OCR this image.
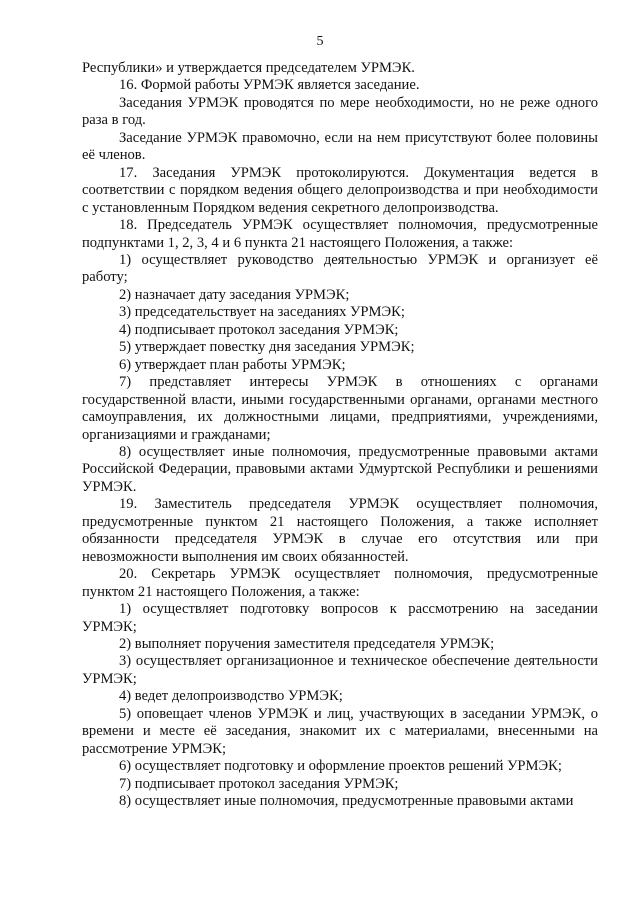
5

Республики» и утверждается председателем УРМЭК.

16. Формой работы УРМЭК является заседание.

Заседания УРМЭК проводятся по мере необходимости, но не реже одного раза в год.

Заседание УРМЭК правомочно, если на нем присутствуют более половины её членов.

17. Заседания УРМЭК протоколируются. Документация ведется в соответствии с порядком ведения общего делопроизводства и при необходимости с установленным Порядком ведения секретного делопроизводства.

18. Председатель УРМЭК осуществляет полномочия, предусмотренные подпунктами 1, 2, 3, 4 и 6 пункта 21 настоящего Положения, а также:

1) осуществляет руководство деятельностью УРМЭК и организует её работу;

2) назначает дату заседания УРМЭК;

3) председательствует на заседаниях УРМЭК;

4) подписывает протокол заседания УРМЭК;

5) утверждает повестку дня заседания УРМЭК;

6) утверждает план работы УРМЭК;

7) представляет интересы УРМЭК в отношениях с органами государственной власти, иными государственными органами, органами местного самоуправления, их должностными лицами, предприятиями, учреждениями, организациями и гражданами;

8) осуществляет иные полномочия, предусмотренные правовыми актами Российской Федерации, правовыми актами Удмуртской Республики и решениями УРМЭК.

19. Заместитель председателя УРМЭК осуществляет полномочия, предусмотренные пунктом 21 настоящего Положения, а также исполняет обязанности председателя УРМЭК в случае его отсутствия или при невозможности выполнения им своих обязанностей.

20. Секретарь УРМЭК осуществляет полномочия, предусмотренные пунктом 21 настоящего Положения, а также:

1) осуществляет подготовку вопросов к рассмотрению на заседании УРМЭК;

2) выполняет поручения заместителя председателя УРМЭК;

3) осуществляет организационное и техническое обеспечение деятельности УРМЭК;

4) ведет делопроизводство УРМЭК;

5) оповещает членов УРМЭК и лиц, участвующих в заседании УРМЭК, о времени и месте её заседания, знакомит их с материалами, внесенными на рассмотрение УРМЭК;

6) осуществляет подготовку и оформление проектов решений УРМЭК;

7) подписывает протокол заседания УРМЭК;

8) осуществляет иные полномочия, предусмотренные правовыми актами
